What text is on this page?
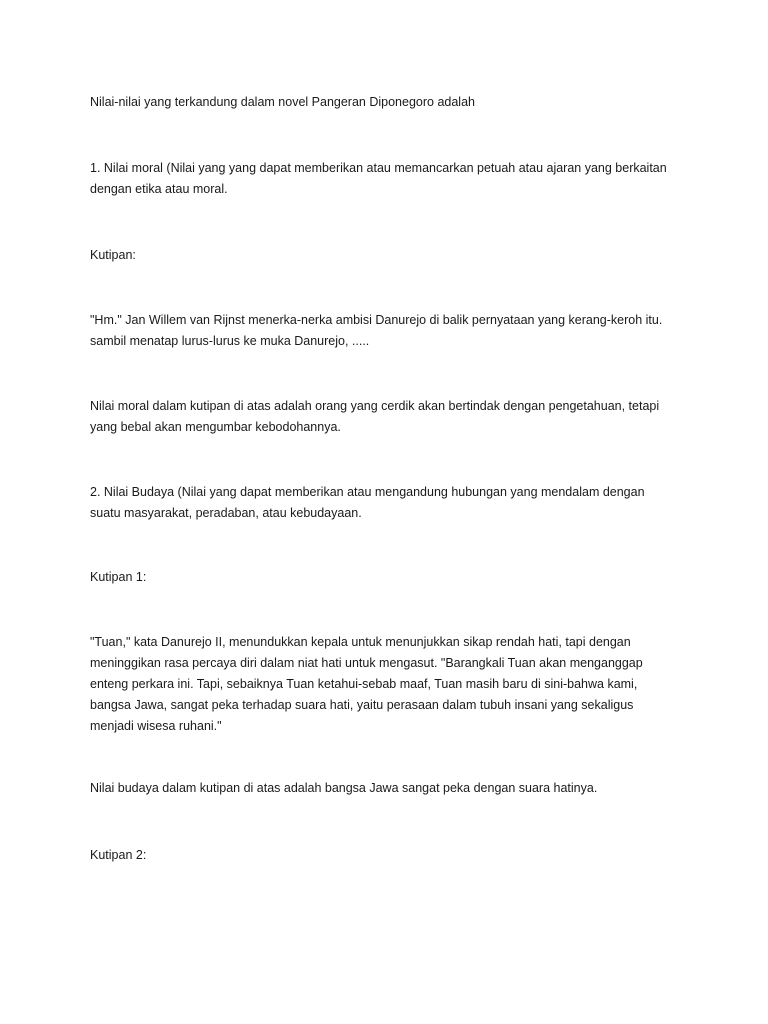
Nilai-nilai yang terkandung dalam novel Pangeran Diponegoro adalah

1. Nilai moral (Nilai yang yang dapat memberikan atau memancarkan petuah atau ajaran yang berkaitan
dengan etika atau moral.

Kutipan:

"Hm." Jan Willem van Rijnst menerka-nerka ambisi Danurejo di balik pernyataan yang kerang-keroh itu.
sambil menatap lurus-lurus ke muka Danurejo, .....

Nilai moral dalam kutipan di atas adalah orang yang cerdik akan bertindak dengan pengetahuan, tetapi
yang bebal akan mengumbar kebodohannya.

2. Nilai Budaya (Nilai yang dapat memberikan atau mengandung hubungan yang mendalam dengan
suatu masyarakat, peradaban, atau kebudayaan.

Kutipan 1:

"Tuan," kata Danurejo II, menundukkan kepala untuk menunjukkan sikap rendah hati, tapi dengan
meninggikan rasa percaya diri dalam niat hati untuk mengasut. "Barangkali Tuan akan menganggap
enteng perkara ini. Tapi, sebaiknya Tuan ketahui-sebab maaf, Tuan masih baru di sini-bahwa kami,
bangsa Jawa, sangat peka terhadap suara hati, yaitu perasaan dalam tubuh insani yang sekaligus
menjadi wisesa ruhani."

Nilai budaya dalam kutipan di atas adalah bangsa Jawa sangat peka dengan suara hatinya.

Kutipan 2:
